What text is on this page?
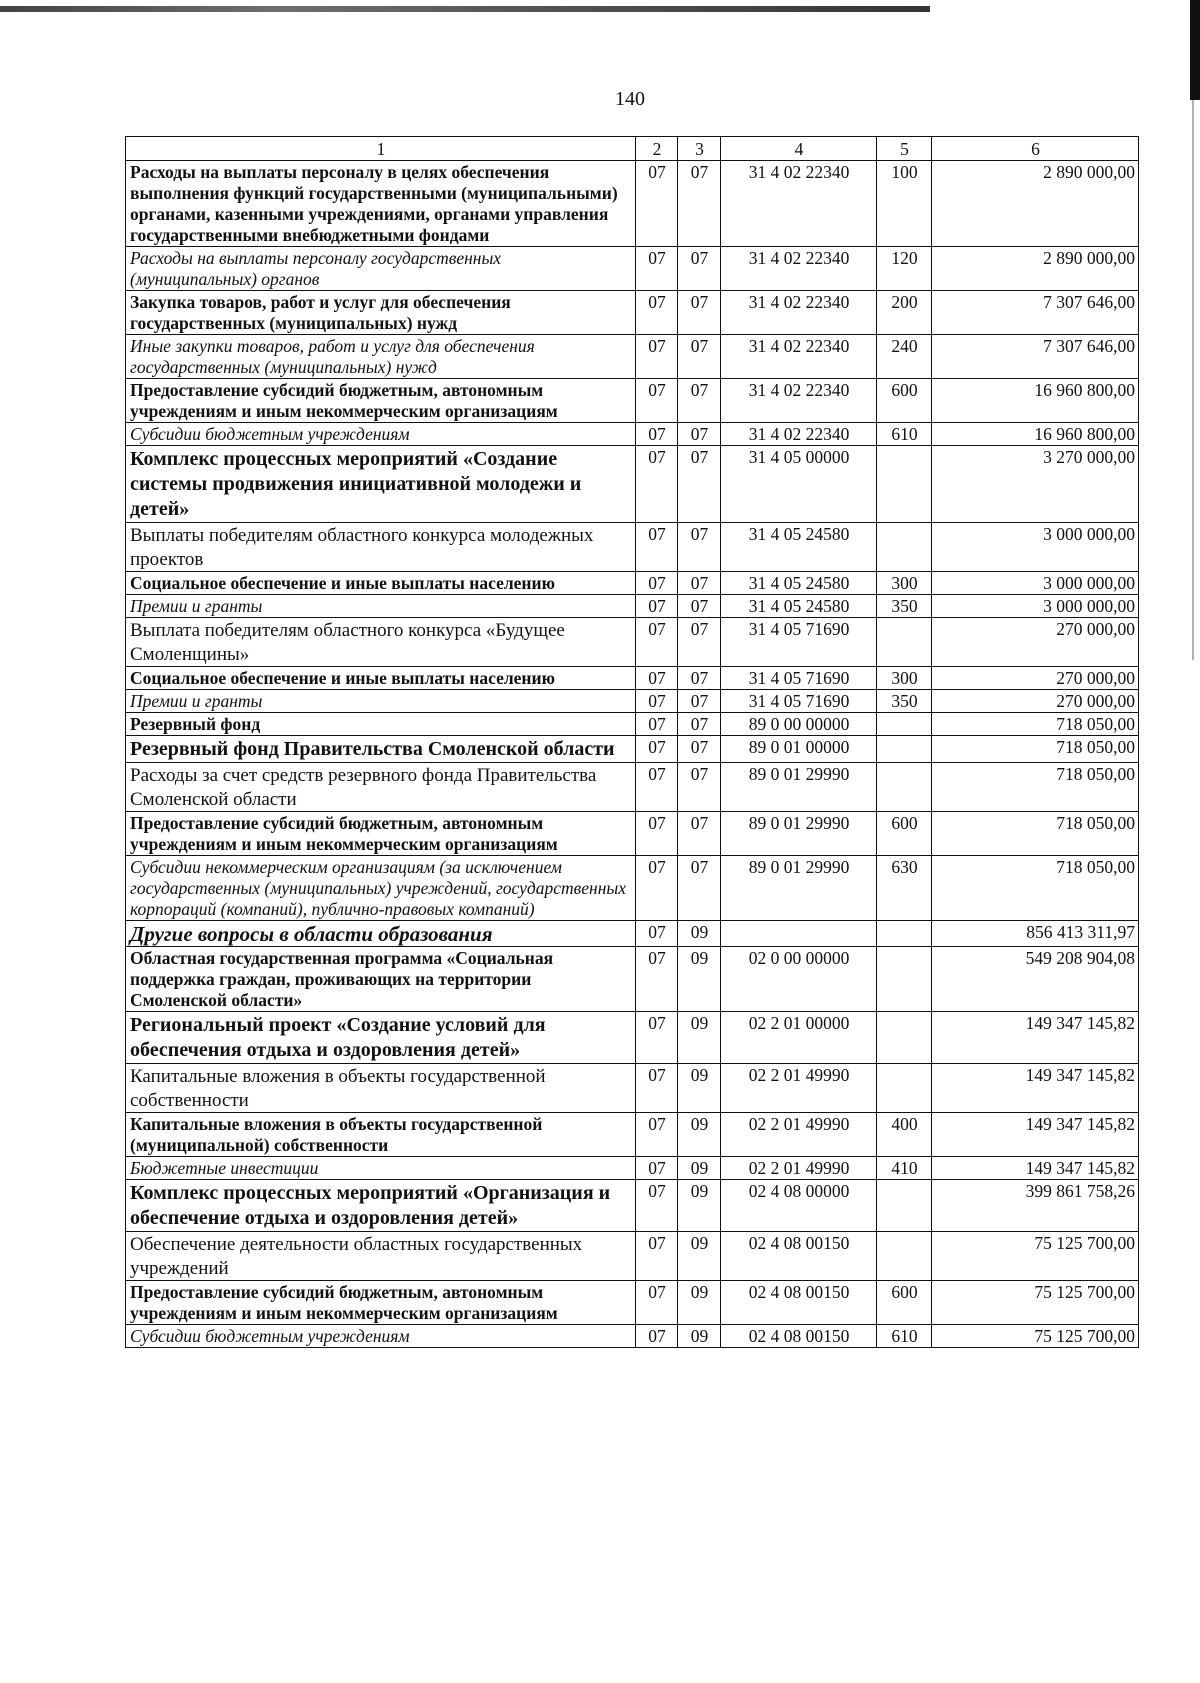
140
1	2	3	4	5	6
Расходы на выплаты персоналу в целях обеспечения выполнения функций государственными (муниципальными) органами, казенными учреждениями, органами управления государственными внебюджетными фондами	07	07	31 4 02 22340	100	2 890 000,00
Расходы на выплаты персоналу государственных (муниципальных) органов	07	07	31 4 02 22340	120	2 890 000,00
Закупка товаров, работ и услуг для обеспечения государственных (муниципальных) нужд	07	07	31 4 02 22340	200	7 307 646,00
Иные закупки товаров, работ и услуг для обеспечения государственных (муниципальных) нужд	07	07	31 4 02 22340	240	7 307 646,00
Предоставление субсидий бюджетным, автономным учреждениям и иным некоммерческим организациям	07	07	31 4 02 22340	600	16 960 800,00
Субсидии бюджетным учреждениям	07	07	31 4 02 22340	610	16 960 800,00
Комплекс процессных мероприятий «Создание системы продвижения инициативной молодежи и детей»	07	07	31 4 05 00000		3 270 000,00
Выплаты победителям областного конкурса молодежных проектов	07	07	31 4 05 24580		3 000 000,00
Социальное обеспечение и иные выплаты населению	07	07	31 4 05 24580	300	3 000 000,00
Премии и гранты	07	07	31 4 05 24580	350	3 000 000,00
Выплата победителям областного конкурса «Будущее Смоленщины»	07	07	31 4 05 71690		270 000,00
Социальное обеспечение и иные выплаты населению	07	07	31 4 05 71690	300	270 000,00
Премии и гранты	07	07	31 4 05 71690	350	270 000,00
Резервный фонд	07	07	89 0 00 00000		718 050,00
Резервный фонд Правительства Смоленской области	07	07	89 0 01 00000		718 050,00
Расходы за счет средств резервного фонда Правительства Смоленской области	07	07	89 0 01 29990		718 050,00
Предоставление субсидий бюджетным, автономным учреждениям и иным некоммерческим организациям	07	07	89 0 01 29990	600	718 050,00
Субсидии некоммерческим организациям (за исключением государственных (муниципальных) учреждений, государственных корпораций (компаний), публично-правовых компаний)	07	07	89 0 01 29990	630	718 050,00
Другие вопросы в области образования	07	09			856 413 311,97
Областная государственная программа «Социальная поддержка граждан, проживающих на территории Смоленской области»	07	09	02 0 00 00000		549 208 904,08
Региональный проект «Создание условий для обеспечения отдыха и оздоровления детей»	07	09	02 2 01 00000		149 347 145,82
Капитальные вложения в объекты государственной собственности	07	09	02 2 01 49990		149 347 145,82
Капитальные вложения в объекты государственной (муниципальной) собственности	07	09	02 2 01 49990	400	149 347 145,82
Бюджетные инвестиции	07	09	02 2 01 49990	410	149 347 145,82
Комплекс процессных мероприятий «Организация и обеспечение отдыха и оздоровления детей»	07	09	02 4 08 00000		399 861 758,26
Обеспечение деятельности областных государственных учреждений	07	09	02 4 08 00150		75 125 700,00
Предоставление субсидий бюджетным, автономным учреждениям и иным некоммерческим организациям	07	09	02 4 08 00150	600	75 125 700,00
Субсидии бюджетным учреждениям	07	09	02 4 08 00150	610	75 125 700,00
